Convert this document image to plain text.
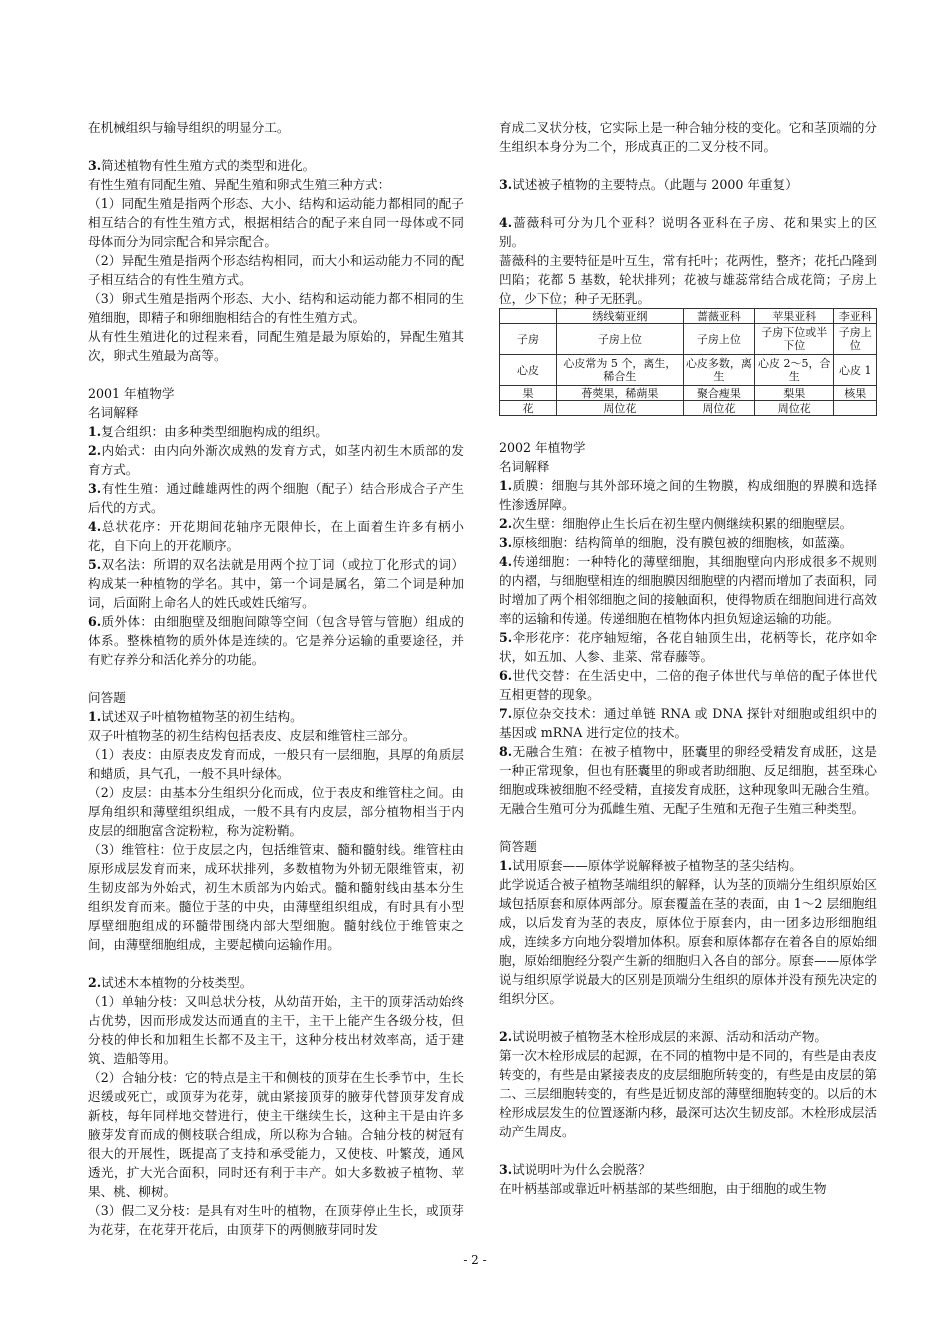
在机械组织与输导组织的明显分工。

3.简述植物有性生殖方式的类型和进化。

有性生殖有同配生殖、异配生殖和卵式生殖三种方式：

（1）同配生殖是指两个形态、大小、结构和运动能力都相同的配子相互结合的有性生殖方式，根据相结合的配子来自同一母体或不同母体而分为同宗配合和异宗配合。

（2）异配生殖是指两个形态结构相同，而大小和运动能力不同的配子相互结合的有性生殖方式。

（3）卵式生殖是指两个形态、大小、结构和运动能力都不相同的生殖细胞，即精子和卵细胞相结合的有性生殖方式。

从有性生殖进化的过程来看，同配生殖是最为原始的，异配生殖其次，卵式生殖最为高等。

2001 年植物学

名词解释

1.复合组织：由多种类型细胞构成的组织。

2.内始式：由内向外渐次成熟的发育方式，如茎内初生木质部的发育方式。

3.有性生殖：通过雌雄两性的两个细胞（配子）结合形成合子产生后代的方式。

4.总状花序：开花期间花轴序无限伸长，在上面着生许多有柄小花，自下向上的开花顺序。

5.双名法：所谓的双名法就是用两个拉丁词（或拉丁化形式的词）构成某一种植物的学名。其中，第一个词是属名，第二个词是种加词，后面附上命名人的姓氏或姓氏缩写。

6.质外体：由细胞壁及细胞间隙等空间（包含导管与管胞）组成的体系。整株植物的质外体是连续的。它是养分运输的重要途径，并有贮存养分和活化养分的功能。

问答题

1.试述双子叶植物植物茎的初生结构。

双子叶植物茎的初生结构包括表皮、皮层和维管柱三部分。

（1）表皮：由原表皮发育而成，一般只有一层细胞，具厚的角质层和蜡质，具气孔，一般不具叶绿体。

（2）皮层：由基本分生组织分化而成，位于表皮和维管柱之间。由厚角组织和薄壁组织组成，一般不具有内皮层，部分植物相当于内皮层的细胞富含淀粉粒，称为淀粉鞘。

（3）维管柱：位于皮层之内，包括维管束、髓和髓射线。维管柱由原形成层发育而来，成环状排列，多数植物为外韧无限维管束，初生韧皮部为外始式，初生木质部为内始式。髓和髓射线由基本分生组织发育而来。髓位于茎的中央，由薄壁组织组成，有时具有小型厚壁细胞组成的环髓带围绕内部大型细胞。髓射线位于维管束之间，由薄壁细胞组成，主要起横向运输作用。

2.试述木本植物的分枝类型。

（1）单轴分枝：又叫总状分枝，从幼苗开始，主干的顶芽活动始终占优势，因而形成发达而通直的主干，主干上能产生各级分枝，但分枝的伸长和加粗生长都不及主干，这种分枝出材效率高，适于建筑、造船等用。

（2）合轴分枝：它的特点是主干和侧枝的顶芽在生长季节中，生长迟缓或死亡，或顶芽为花芽，就由紧接顶芽的腋芽代替顶芽发育成新枝，每年同样地交替进行，使主干继续生长，这种主干是由许多腋芽发育而成的侧枝联合组成，所以称为合轴。合轴分枝的树冠有很大的开展性，既提高了支持和承受能力，又使枝、叶繁茂，通风透光，扩大光合面积，同时还有利于丰产。如大多数被子植物、苹果、桃、柳树。

（3）假二叉分枝：是具有对生叶的植物，在顶芽停止生长，或顶芽为花芽，在花芽开花后，由顶芽下的两侧腋芽同时发

育成二叉状分枝，它实际上是一种合轴分枝的变化。它和茎顶端的分生组织本身分为二个，形成真正的二叉分枝不同。

3.试述被子植物的主要特点。（此题与 2000 年重复）

4.蔷薇科可分为几个亚科？说明各亚科在子房、花和果实上的区别。

蔷薇科的主要特征是叶互生，常有托叶；花两性，整齐；花托凸隆到凹陷；花都 5 基数，轮状排列；花被与雄蕊常结合成花筒；子房上位，少下位；种子无胚乳。

	绣线菊亚纲	蔷薇亚科	苹果亚科	李亚科
子房	子房上位	子房上位	子房下位或半下位	子房上位
心皮	心皮常为 5 个，离生，稀合生	心皮多数，离生	心皮 2～5，合生	心皮 1
果	蓇葖果，稀蒴果	聚合瘦果	梨果	核果
花	周位花	周位花	周位花	

2002 年植物学

名词解释

1.质膜：细胞与其外部环境之间的生物膜，构成细胞的界膜和选择性渗透屏障。

2.次生壁：细胞停止生长后在初生壁内侧继续积累的细胞壁层。

3.原核细胞：结构简单的细胞，没有膜包被的细胞核，如蓝藻。

4.传递细胞：一种特化的薄壁细胞，其细胞壁向内形成很多不规则的内褶，与细胞壁相连的细胞膜因细胞壁的内褶而增加了表面积，同时增加了两个相邻细胞之间的接触面积，使得物质在细胞间进行高效率的运输和传递。传递细胞在植物体内担负短途运输的功能。

5.伞形花序：花序轴短缩，各花自轴顶生出，花柄等长，花序如伞状，如五加、人参、韭菜、常春藤等。

6.世代交替：在生活史中，二倍的孢子体世代与单倍的配子体世代互相更替的现象。

7.原位杂交技术：通过单链 RNA 或 DNA 探针对细胞或组织中的基因或 mRNA 进行定位的技术。

8.无融合生殖：在被子植物中，胚囊里的卵经受精发育成胚，这是一种正常现象，但也有胚囊里的卵或者助细胞、反足细胞，甚至珠心细胞或珠被细胞不经受精，直接发育成胚，这种现象叫无融合生殖。无融合生殖可分为孤雌生殖、无配子生殖和无孢子生殖三种类型。

简答题

1.试用原套——原体学说解释被子植物茎的茎尖结构。

此学说适合被子植物茎端组织的解释，认为茎的顶端分生组织原始区域包括原套和原体两部分。原套覆盖在茎的表面，由 1～2 层细胞组成，以后发育为茎的表皮，原体位于原套内，由一团多边形细胞组成，连续多方向地分裂增加体积。原套和原体都存在着各自的原始细胞，原始细胞经分裂产生新的细胞归入各自的部分。原套——原体学说与组织原学说最大的区别是顶端分生组织的原体并没有预先决定的组织分区。

2.试说明被子植物茎木栓形成层的来源、活动和活动产物。

第一次木栓形成层的起源，在不同的植物中是不同的，有些是由表皮转变的，有些是由紧接表皮的皮层细胞所转变的，有些是由皮层的第二、三层细胞转变的，有些是近韧皮部的薄壁细胞转变的。以后的木栓形成层发生的位置逐渐内移，最深可达次生韧皮部。木栓形成层活动产生周皮。

3.试说明叶为什么会脱落？

在叶柄基部或靠近叶柄基部的某些细胞，由于细胞的或生物

- 2 -
